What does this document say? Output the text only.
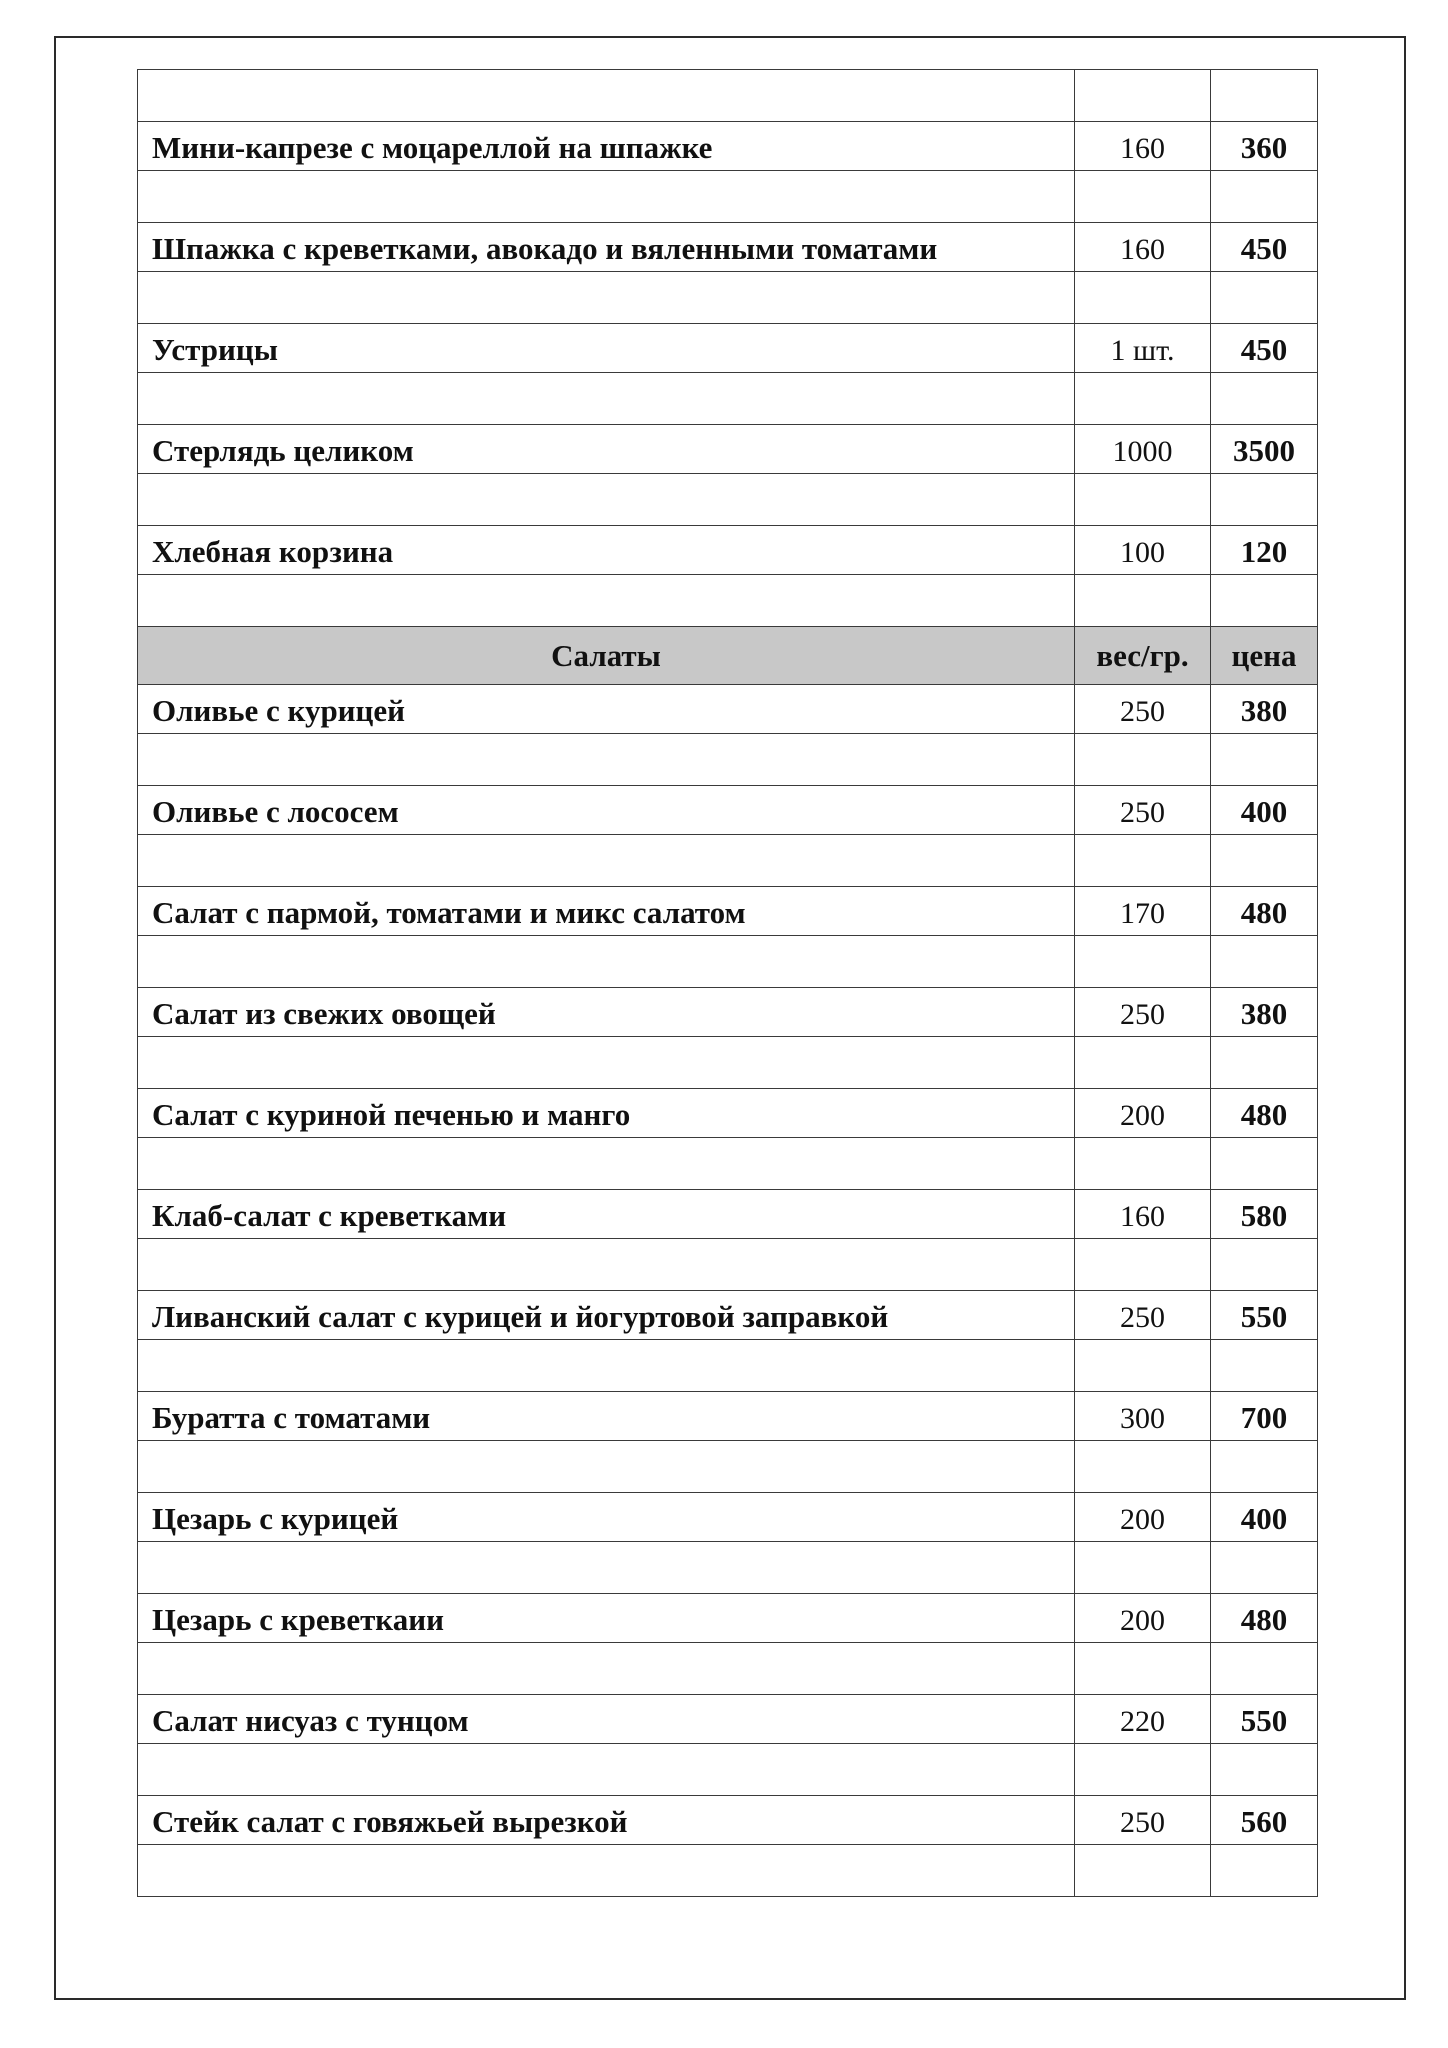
Мини-капрезе с моцареллой на шпажке	160	360

Шпажка с креветками, авокадо и вяленными томатами	160	450

Устрицы	1 шт.	450

Стерлядь целиком	1000	3500

Хлебная корзина	100	120

Салаты	вес/гр.	цена
Оливье с курицей	250	380

Оливье с лососем	250	400

Салат с пармой, томатами и микс салатом	170	480

Салат из свежих овощей	250	380

Салат с куриной печенью и манго	200	480

Клаб-салат с креветками	160	580

Ливанский салат с курицей и йогуртовой заправкой	250	550

Буратта с томатами	300	700

Цезарь с курицей	200	400

Цезарь с креветкаии	200	480

Салат нисуаз с тунцом	220	550

Стейк салат с говяжьей вырезкой	250	560
